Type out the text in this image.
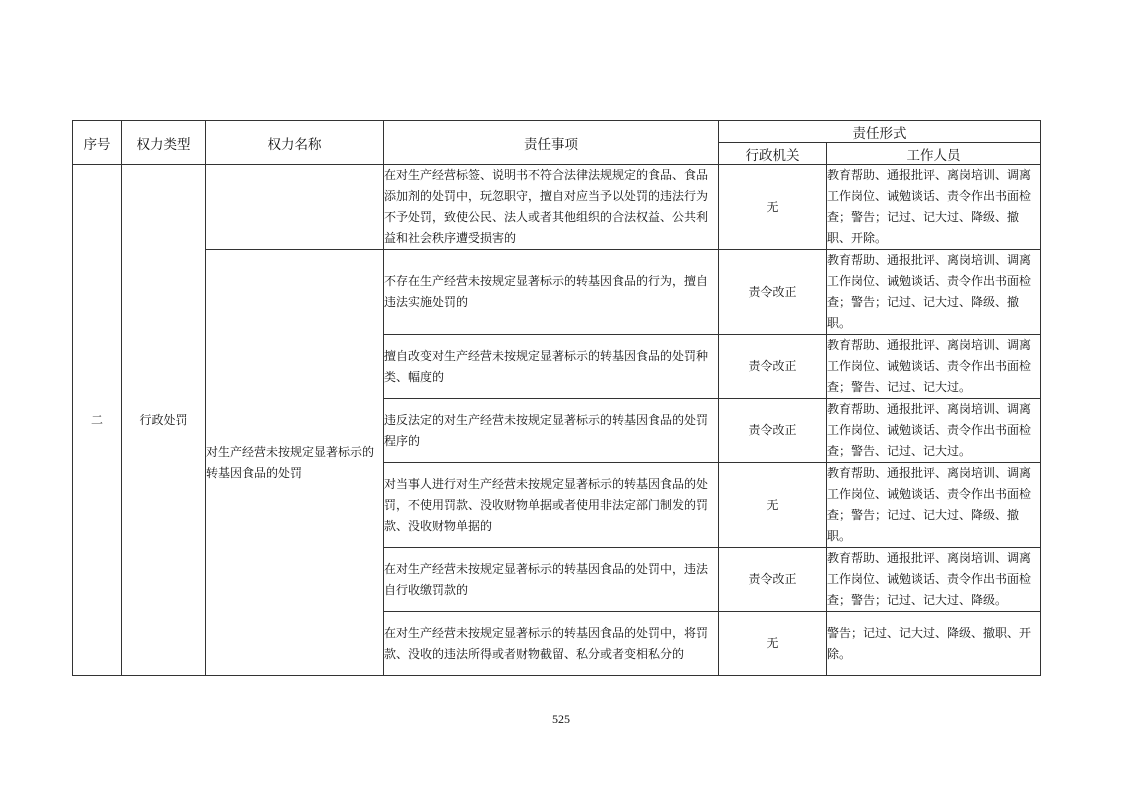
序号	权力类型	权力名称	责任事项	责任形式	
				行政机关	工作人员
二	行政处罚		在对生产经营标签、说明书不符合法律法规规定的食品、食品添加剂的处罚中，玩忽职守，擅自对应当予以处罚的违法行为不予处罚，致使公民、法人或者其他组织的合法权益、公共利益和社会秩序遭受损害的	无	教育帮助、通报批评、离岗培训、调离工作岗位、诫勉谈话、责令作出书面检查；警告；记过、记大过、降级、撤职、开除。
		对生产经营未按规定显著标示的转基因食品的处罚	不存在生产经营未按规定显著标示的转基因食品的行为，擅自违法实施处罚的	责令改正	教育帮助、通报批评、离岗培训、调离工作岗位、诫勉谈话、责令作出书面检查；警告；记过、记大过、降级、撤职。
			擅自改变对生产经营未按规定显著标示的转基因食品的处罚种类、幅度的	责令改正	教育帮助、通报批评、离岗培训、调离工作岗位、诫勉谈话、责令作出书面检查；警告、记过、记大过。
			违反法定的对生产经营未按规定显著标示的转基因食品的处罚程序的	责令改正	教育帮助、通报批评、离岗培训、调离工作岗位、诫勉谈话、责令作出书面检查；警告、记过、记大过。
			对当事人进行对生产经营未按规定显著标示的转基因食品的处罚，不使用罚款、没收财物单据或者使用非法定部门制发的罚款、没收财物单据的	无	教育帮助、通报批评、离岗培训、调离工作岗位、诫勉谈话、责令作出书面检查；警告；记过、记大过、降级、撤职。
			在对生产经营未按规定显著标示的转基因食品的处罚中，违法自行收缴罚款的	责令改正	教育帮助、通报批评、离岗培训、调离工作岗位、诫勉谈话、责令作出书面检查；警告；记过、记大过、降级。
			在对生产经营未按规定显著标示的转基因食品的处罚中，将罚款、没收的违法所得或者财物截留、私分或者变相私分的	无	警告；记过、记大过、降级、撤职、开除。
525
